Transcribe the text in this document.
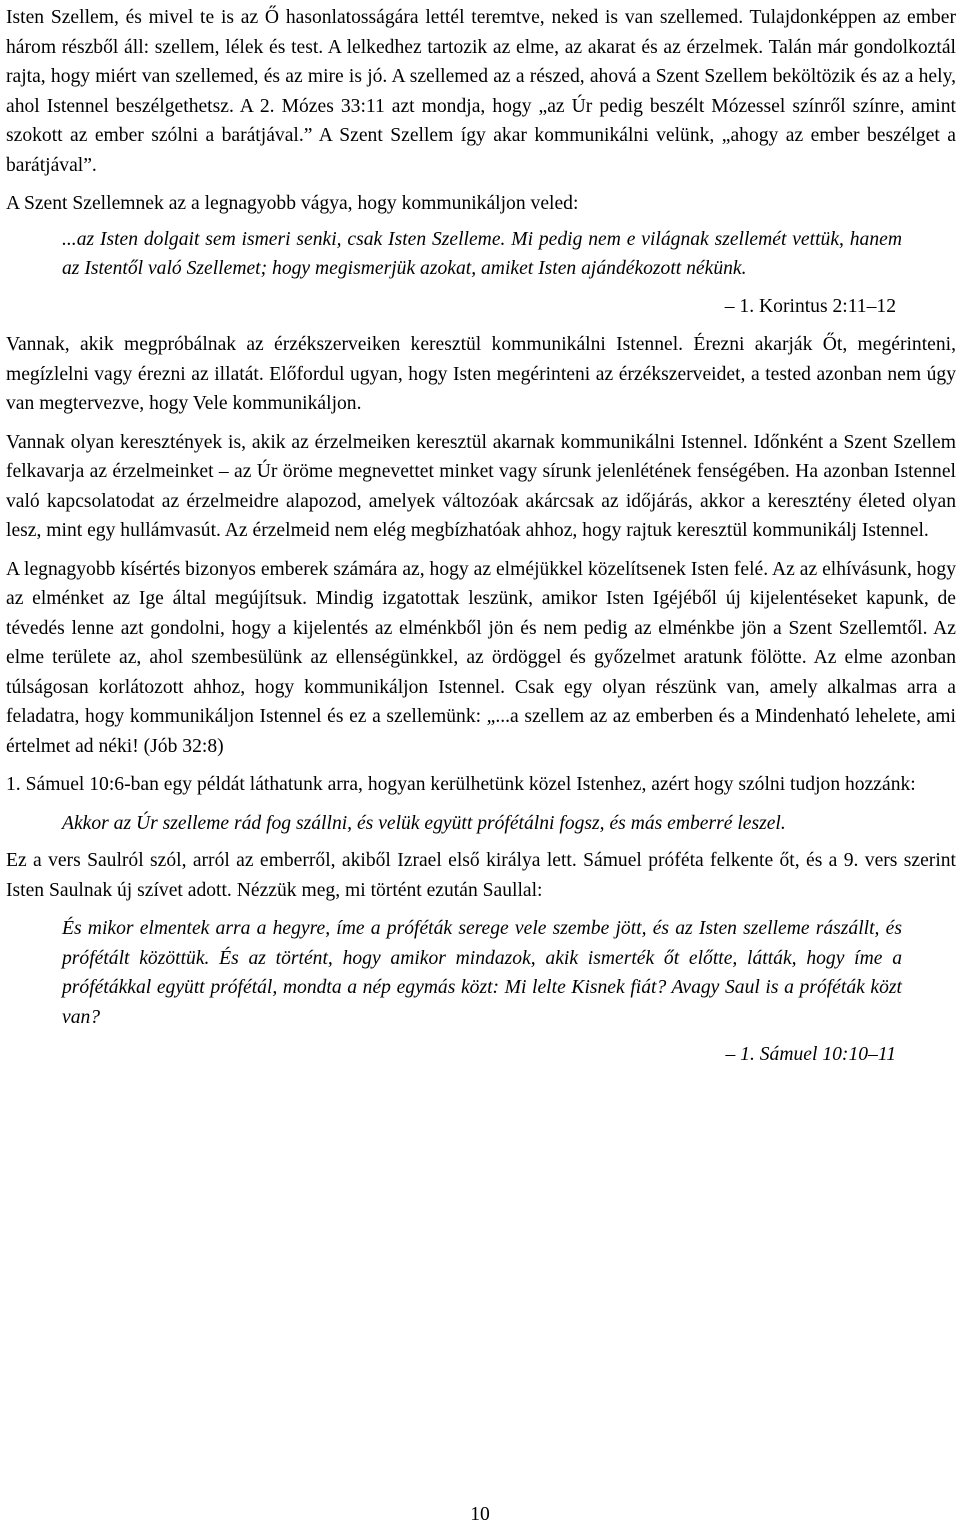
Isten Szellem, és mivel te is az Ő hasonlatosságára lettél teremtve, neked is van szellemed. Tulajdonképpen az ember három részből áll: szellem, lélek és test. A lelkedhez tartozik az elme, az akarat és az érzelmek. Talán már gondolkoztál rajta, hogy miért van szellemed, és az mire is jó. A szellemed az a részed, ahová a Szent Szellem beköltözik és az a hely, ahol Istennel beszélgethetsz. A 2. Mózes 33:11 azt mondja, hogy „az Úr pedig beszélt Mózessel színről színre, amint szokott az ember szólni a barátjával.” A Szent Szellem így akar kommunikálni velünk, „ahogy az ember beszélget a barátjával”.

A Szent Szellemnek az a legnagyobb vágya, hogy kommunikáljon veled:

...az Isten dolgait sem ismeri senki, csak Isten Szelleme. Mi pedig nem e világnak szellemét vettük, hanem az Istentől való Szellemet; hogy megismerjük azokat, amiket Isten ajándékozott nékünk.

– 1. Korintus 2:11–12

Vannak, akik megpróbálnak az érzékszerveiken keresztül kommunikálni Istennel. Érezni akarják Őt, megérinteni, megízlelni vagy érezni az illatát. Előfordul ugyan, hogy Isten megérinteni az érzékszerveidet, a tested azonban nem úgy van megtervezve, hogy Vele kommunikáljon.

Vannak olyan keresztények is, akik az érzelmeiken keresztül akarnak kommunikálni Istennel. Időnként a Szent Szellem felkavarja az érzelmeinket – az Úr öröme megnevettet minket vagy sírunk jelenlétének fenségében. Ha azonban Istennel való kapcsolatodat az érzelmeidre alapozod, amelyek változóak akárcsak az időjárás, akkor a keresztény életed olyan lesz, mint egy hullámvasút. Az érzelmeid nem elég megbízhatóak ahhoz, hogy rajtuk keresztül kommunikálj Istennel.

A legnagyobb kísértés bizonyos emberek számára az, hogy az elméjükkel közelítsenek Isten felé. Az az elhívásunk, hogy az elménket az Ige által megújítsuk. Mindig izgatottak leszünk, amikor Isten Igéjéből új kijelentéseket kapunk, de tévedés lenne azt gondolni, hogy a kijelentés az elménkből jön és nem pedig az elménkbe jön a Szent Szellemtől. Az elme területe az, ahol szembesülünk az ellenségünkkel, az ördöggel és győzelmet aratunk fölötte. Az elme azonban túlságosan korlátozott ahhoz, hogy kommunikáljon Istennel. Csak egy olyan részünk van, amely alkalmas arra a feladatra, hogy kommunikáljon Istennel és ez a szellemünk: „...a szellem az az emberben és a Mindenható lehelete, ami értelmet ad néki! (Jób 32:8)

1. Sámuel 10:6-ban egy példát láthatunk arra, hogyan kerülhetünk közel Istenhez, azért hogy szólni tudjon hozzánk:

Akkor az Úr szelleme rád fog szállni, és velük együtt prófétálni fogsz, és más emberré leszel.

Ez a vers Saulról szól, arról az emberről, akiből Izrael első királya lett. Sámuel próféta felkente őt, és a 9. vers szerint Isten Saulnak új szívet adott. Nézzük meg, mi történt ezután Saullal:

És mikor elmentek arra a hegyre, íme a próféták serege vele szembe jött, és az Isten szelleme rászállt, és prófétált közöttük. És az történt, hogy amikor mindazok, akik ismerték őt előtte, látták, hogy íme a prófétákkal együtt prófétál, mondta a nép egymás közt: Mi lelte Kisnek fiát? Avagy Saul is a próféták közt van?

– 1. Sámuel 10:10–11

10
